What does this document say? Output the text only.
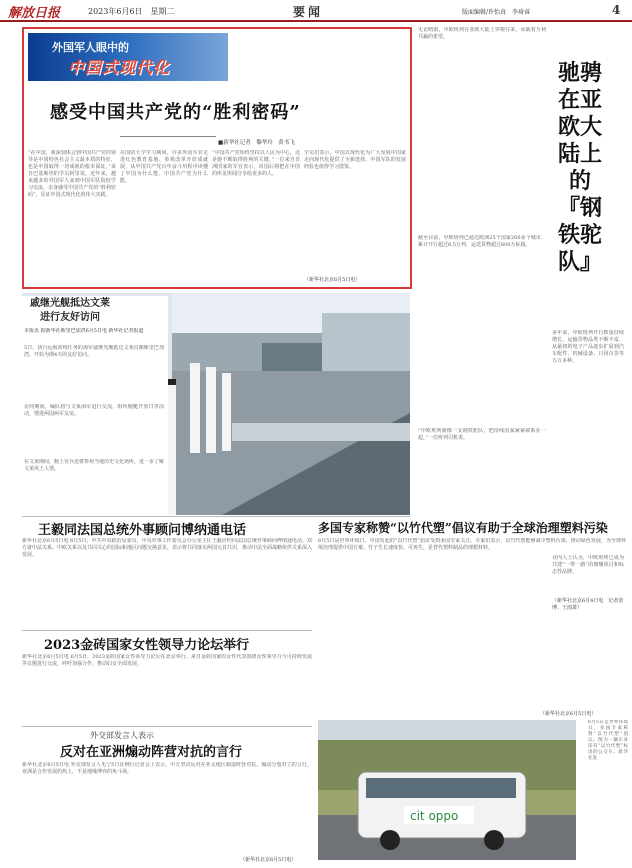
解放日报	2023年6月6日　星期二	要闻	版面编辑/许怡真　李琦睿	4
外国军人眼中的
中国式现代化
感受中国共产党的“胜利密码”
■新华社记者　黎华玲　黄书飞
“在中国，我深刻体会到中国共产党的领导是中国特色社会主义最本质的特征，也是中国取得一切成就的根本保证。”来自巴基斯坦的学员阿里说。近年来，越来越多的外国军人来到中国军队院校学习交流，亲身感受中国共产党的“胜利密码”，见证中国式现代化的伟大实践。
在国防大学学习期间，许多外国军官走进红色教育基地、参观改革开放成就展，从中国共产党百年奋斗历程中读懂了中国为什么能、中国共产党为什么能。
“中国共产党始终坚持以人民为中心，这是她不断取得胜利的关键。”一位来自非洲国家的军官表示，回国后将把在中国的所见所闻分享给更多的人。
学员们表示，中国式现代化为广大发展中国家走向现代化提供了全新选择，中国军队的发展经验也值得学习借鉴。
（新华社北京6月5日电）
无论晴雨，中欧班列在亚欧大陆上穿梭往来，承载着互利共赢的希望。
截至目前，中欧班列已通达欧洲25个国家200多个城市，累计开行超过6.5万列，运送货物超过600万标箱。
“中欧班列就像一支钢铁驼队，把沿线国家紧紧联系在一起。”一位班列司机说。
多年来，中欧班列开行数量持续增长，运输货物品类不断丰富，从最初的电子产品逐步扩展到汽车配件、机械设备、日用百货等五万多种。
业内人士认为，中欧班列已成为共建“一带一路”的旗舰项目和标志性品牌。
（新华社北京6月4日电　记者张博、王雨萧）
驰骋在亚欧大陆上的『钢铁驼队』
戚继光舰抵达文莱
进行友好访问
本报讯 据新华社斯里巴加湾6月5日电 新华社记者报道
5日，执行远航训练任务的海军戚继光舰抵达文莱首都斯里巴加湾，开始为期4天的友好访问。
访问期间，编队将与文莱海军进行交流，组织舰艇开放日等活动，增进两国两军友谊。
在文莱期间，舰上官兵还将参观当地历史文化场所，进一步了解文莱风土人情。
王毅同法国总统外事顾问博纳通电话
新华社北京6月5日电 6月5日，中共中央政治局委员、中央外事工作委员会办公室主任王毅应约同法国总统外事顾问博纳通电话。双方就中法关系、中欧关系以及共同关心的国际和地区问题交换意见，表示将共同落实两国元首共识，推动中法全面战略伙伴关系深入发展。
多国专家称赞“以竹代塑”倡议有助于全球治理塑料污染
6月5日是世界环境日。中国发起的“以竹代塑”倡议受到多国专家关注。专家们表示，以竹代塑能够减少塑料污染，推动绿色发展，为全球环境治理提供中国方案。竹子生长速度快、可再生，是替代塑料制品的理想材料。
（新华社北京6月5日电）
2023金砖国家女性领导力论坛举行
新华社北京6月5日电 6月5日，2023金砖国家女性领导力论坛在北京举行。来自金砖国家的女性代表围绕女性领导力与可持续发展等议题进行交流，呼吁加强合作，推动妇女全面发展。
外交部发言人表示
反对在亚洲煽动阵营对抗的言行
新华社北京6月5日电 外交部发言人毛宁5日在例行记者会上表示，中方坚决反对在亚太地区制造阵营对抗、煽动分裂对立的言行，亚洲是合作发展的热土，不是地缘博弈的角斗场。
（新华社北京6月5日电）
cit oppo
6月5日是世界环境日，多国专家称赞“以竹代塑”倡议。图为一辆车身印有“以竹代塑”标语的公交车。新华社发
